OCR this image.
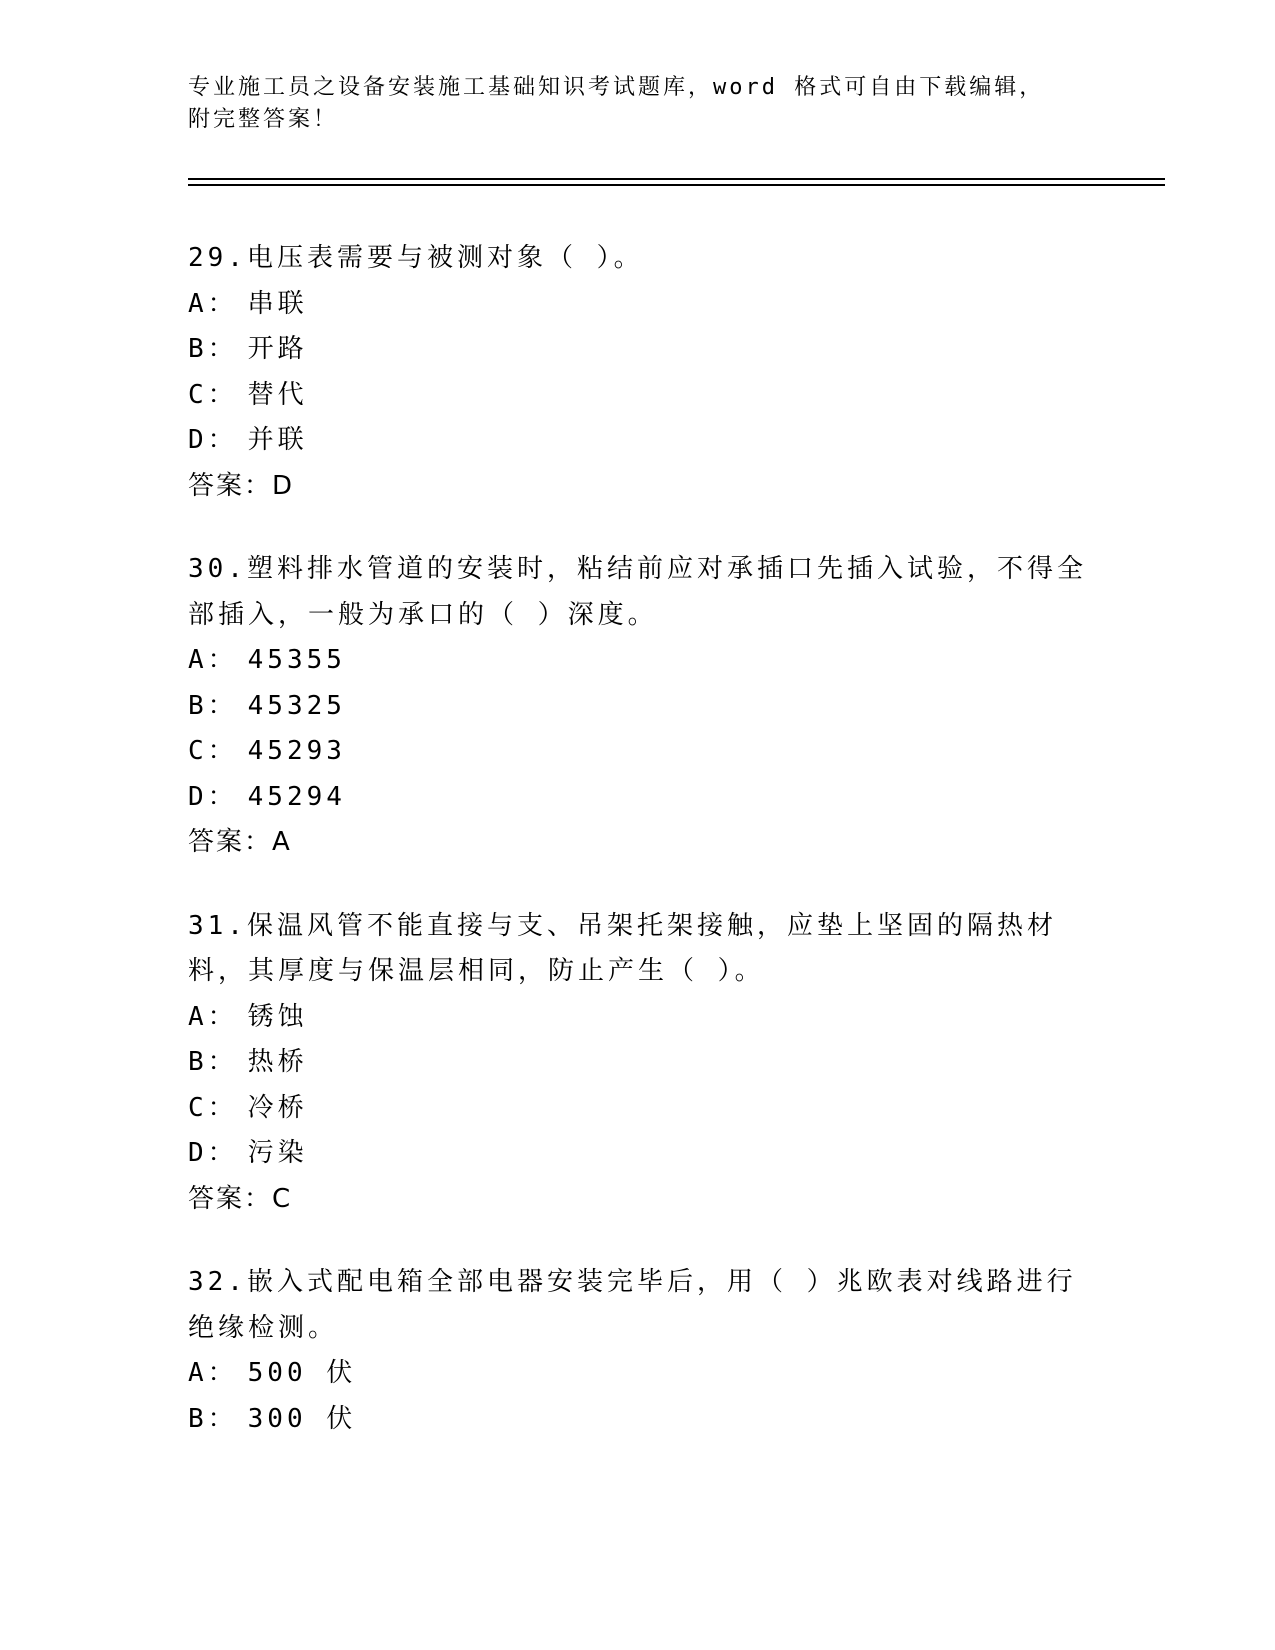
专业施工员之设备安装施工基础知识考试题库，word 格式可自由下载编辑，附完整答案！
29.电压表需要与被测对象（ ）。
A： 串联
B： 开路
C： 替代
D： 并联
答案：D
30.塑料排水管道的安装时，粘结前应对承插口先插入试验，不得全部插入，一般为承口的（ ）深度。
A： 45355
B： 45325
C： 45293
D： 45294
答案：A
31.保温风管不能直接与支、吊架托架接触，应垫上坚固的隔热材料，其厚度与保温层相同，防止产生（ ）。
A： 锈蚀
B： 热桥
C： 冷桥
D： 污染
答案：C
32.嵌入式配电箱全部电器安装完毕后，用（ ）兆欧表对线路进行绝缘检测。
A： 500 伏
B： 300 伏
